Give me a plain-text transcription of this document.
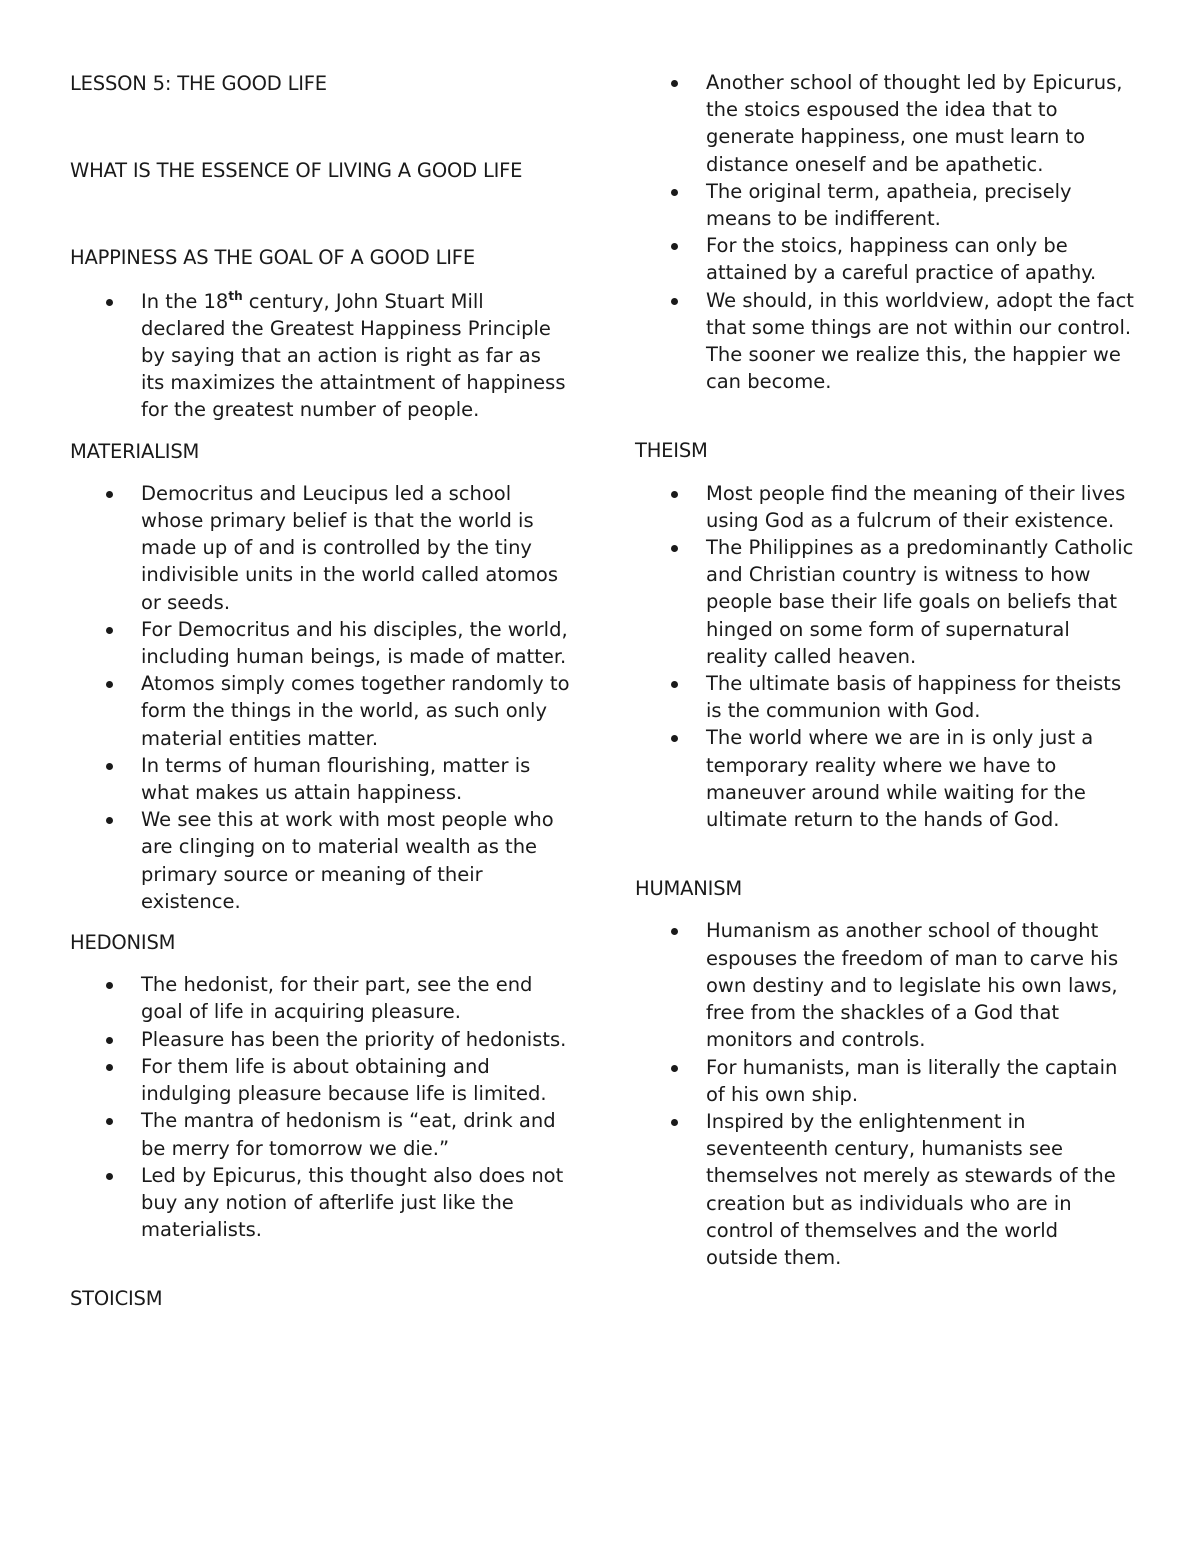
LESSON 5: THE GOOD LIFE

WHAT IS THE ESSENCE OF LIVING A GOOD LIFE

HAPPINESS AS THE GOAL OF A GOOD LIFE

In the 18th century, John Stuart Mill declared the Greatest Happiness Principle by saying that an action is right as far as its maximizes the attaintment of happiness for the greatest number of people.

MATERIALISM

Democritus and Leucipus led a school whose primary belief is that the world is made up of and is controlled by the tiny indivisible units in the world called atomos or seeds.
For Democritus and his disciples, the world, including human beings, is made of matter.
Atomos simply comes together randomly to form the things in the world, as such only material entities matter.
In terms of human flourishing, matter is what makes us attain happiness.
We see this at work with most people who are clinging on to material wealth as the primary source or meaning of their existence.

HEDONISM

The hedonist, for their part, see the end goal of life in acquiring pleasure.
Pleasure has been the priority of hedonists.
For them life is about obtaining and indulging pleasure because life is limited.
The mantra of hedonism is “eat, drink and be merry for tomorrow we die.”
Led by Epicurus, this thought also does not buy any notion of afterlife just like the materialists.

STOICISM

Another school of thought led by Epicurus, the stoics espoused the idea that to generate happiness, one must learn to distance oneself and be apathetic.
The original term, apatheia, precisely means to be indifferent.
For the stoics, happiness can only be attained by a careful practice of apathy.
We should, in this worldview, adopt the fact that some things are not within our control. The sooner we realize this, the happier we can become.

THEISM

Most people find the meaning of their lives using God as a fulcrum of their existence.
The Philippines as a predominantly Catholic and Christian country is witness to how people base their life goals on beliefs that hinged on some form of supernatural reality called heaven.
The ultimate basis of happiness for theists is the communion with God.
The world where we are in is only just a temporary reality where we have to maneuver around while waiting for the ultimate return to the hands of God.

HUMANISM

Humanism as another school of thought espouses the freedom of man to carve his own destiny and to legislate his own laws, free from the shackles of a God that monitors and controls.
For humanists, man is literally the captain of his own ship.
Inspired by the enlightenment in seventeenth century, humanists see themselves not merely as stewards of the creation but as individuals who are in control of themselves and the world outside them.
